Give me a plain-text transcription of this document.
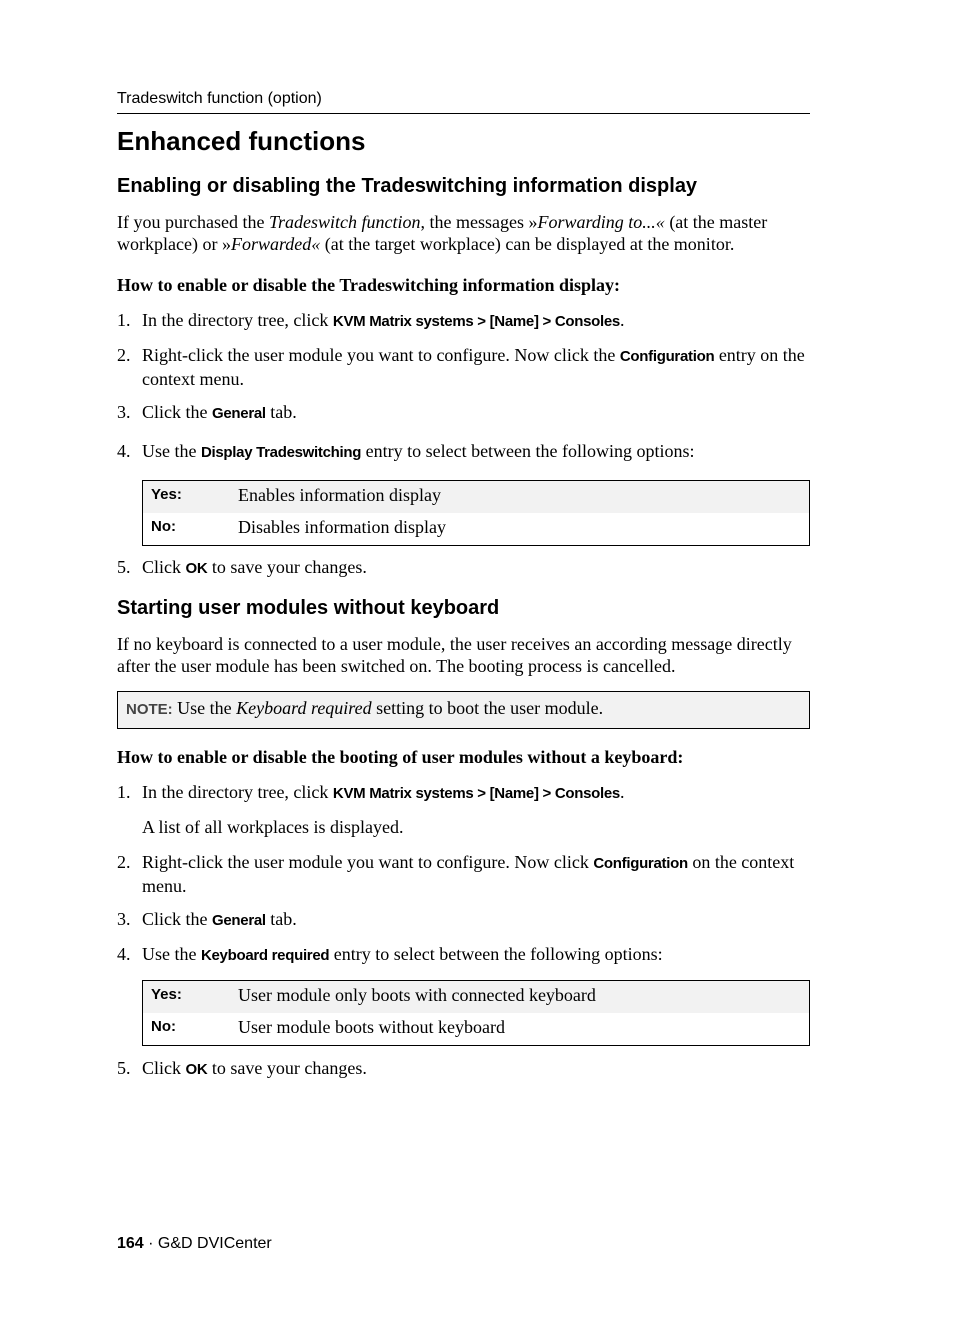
Tradeswitch function (option)
Enhanced functions
Enabling or disabling the Tradeswitching information display

If you purchased the Tradeswitch function, the messages »Forwarding to...« (at the master workplace) or »Forwarded« (at the target workplace) can be displayed at the monitor.

How to enable or disable the Tradeswitching information display:

1. In the directory tree, click KVM Matrix systems > [Name] > Consoles.
2. Right-click the user module you want to configure. Now click the Configuration entry on the context menu.
3. Click the General tab.
4. Use the Display Tradeswitching entry to select between the following options:
Yes:	Enables information display
No:	Disables information display
5. Click OK to save your changes.
Starting user modules without keyboard

If no keyboard is connected to a user module, the user receives an according message directly after the user module has been switched on. The booting process is cancelled.

NOTE: Use the Keyboard required setting to boot the user module.

How to enable or disable the booting of user modules without a keyboard:

1. In the directory tree, click KVM Matrix systems > [Name] > Consoles.
A list of all workplaces is displayed.
2. Right-click the user module you want to configure. Now click Configuration on the context menu.
3. Click the General tab.
4. Use the Keyboard required entry to select between the following options:
Yes:	User module only boots with connected keyboard
No:	User module boots without keyboard
5. Click OK to save your changes.
164 · G&D DVICenter
